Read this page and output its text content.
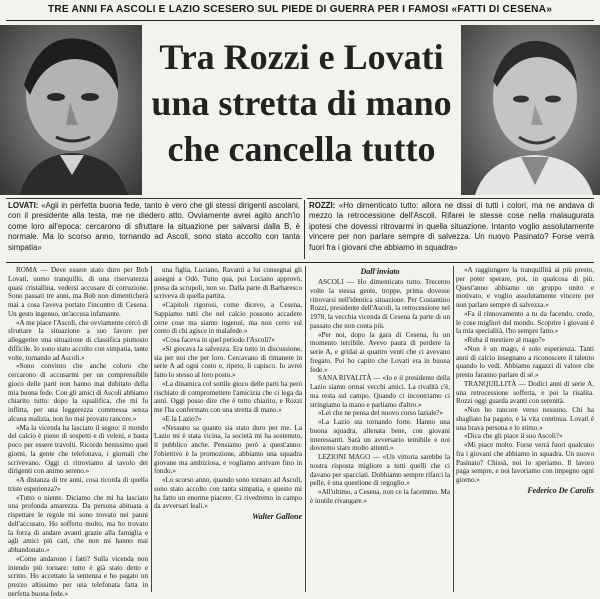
TRE ANNI FA ASCOLI E LAZIO SCESERO SUL PIEDE DI GUERRA PER I FAMOSI «FATTI DI CESENA»
Tra Rozzi e Lovati
una stretta di mano
che cancella tutto
LOVATI: «Agii in perfetta buona fede, tanto è vero che gli stessi dirigenti ascolani, con il presidente alla testa, me ne diedero atto. Ovviamente avrei agito anch'io come loro all'epoca: cercarono di sfruttare la situazione per salvarsi dalla B, è normale. Ma lo scorso anno, tornando ad Ascoli, sono stato accolto con tanta simpatia»
ROZZI: «Ho dimenticato tutto: allora ne dissi di tutti i colori, ma ne andava di mezzo la retrocessione dell'Ascoli. Rifarei le stesse cose nella malaugurata ipotesi che dovessi ritrovarmi in quella situazione. Intanto voglio assolutamente vincere per non parlare sempre di salvezza. Un nuovo Pasinato? Forse verrà fuori fra i giovani che abbiamo in squadra»

ROMA — Deve essere stato duro per Bob Lovati, uomo tranquillo, di una riservatezza quasi cristallina, vedersi accusare di corruzione. Sono passati tre anni, ma Bob non dimenticherà mai a cosa l'aveva portato l'incontro di Cesena. Un gesto ingenuo, un'accusa infamante.

«A me piace l'Ascoli, che ovviamente cercò di sfruttare la situazione a suo favore per alleggerire una situazione di classifica piuttosto difficile. Io sono stato accolto con simpatia, tante volte, tornando ad Ascoli.»

«Sono convinto che anche coloro che cercarono di accusarmi per un comprensibile gioco delle parti non hanno mai dubitato della mia buona fede. Con gli amici di Ascoli abbiamo chiarito tutto: dopo la squalifica, che mi fu inflitta, per una leggerezza commessa senza alcuna malizia, non ho mai provato rancore.»

«Ma la vicenda ha lasciato il segno: il mondo del calcio è pieno di sospetti e di veleni, e basta poco per essere travolti. Ricordo benissimo quei giorni, la gente che telefonava, i giornali che scrivevano. Oggi ci ritroviamo al tavolo dei dirigenti con animo sereno.»

«A distanza di tre anni, cosa ricorda di quella triste esperienza?»

«Tutto o niente. Diciamo che mi ha lasciato una profonda amarezza. Da persona abituata a rispettare le regole mi sono trovato nei panni dell'accusato. Ho sofferto molto, ma ho trovato la forza di andare avanti grazie alla famiglia e agli amici più cari, che non mi hanno mai abbandonato.»

«Come andarono i fatti? Sulla vicenda non intendo più tornare: tutto è già stato detto e scritto. Ho accettato la sentenza e ho pagato un prezzo altissimo per una telefonata fatta in perfetta buona fede.»

una figlia, Luciano, Ravanti a lui consegnai gli assegni a Odò. Tutto qua, poi Luciano approvò, presa da scrupoli, non so. Dalla parte di Barbaresco scriveva di quella partita.

«Capitoli rigorosi, come dicevo, a Cesena, Sappiamo tutti che nel calcio possono accadere certe cose ma siamo ingenui, ma non certo sul conto di chi agisce in malafede.»

«Cosa faceva in quel periodo l'Ascoli?»

«Si giocava la salvezza. Era tutto in discussione, sia per noi che per loro. Cercavano di rimanere in serie A ad ogni costo e, ripeto, li capisco. Io avrei fatto lo stesso al loro posto.»

«La dinamica col sottile gioco delle parti ha però rischiato di compromettere l'amicizia che ci lega da anni. Oggi posso dire che è tutto chiarito, e Rozzi me l'ha confermato con una stretta di mano.»

«E la Lazio?»

«Nessuno sa quanto sia stato duro per me. La Lazio mi è stata vicina, la società mi ha sostenuto, il pubblico anche. Pensiamo però a quest'anno: l'obiettivo è la promozione, abbiamo una squadra giovane ma ambiziosa, e vogliamo arrivare fino in fondo.»

«Lo scorso anno, quando sono tornato ad Ascoli, sono stato accolto con tanta simpatia, e questo mi ha fatto un enorme piacere. Ci rivedremo in campo da avversari leali.»

Walter Gallone
Dall'inviato

ASCOLI — Ho dimenticato tutto. Trecento volte la stessa gente, troppe, prima dovesse ritrovarsi nell'identica situazione. Per Costantino Rozzi, presidente dell'Ascoli, la retrocessione nel 1978, la vecchia vicenda di Cesena fa parte di un passato che non conta più.

«Per noi, dopo la gara di Cesena, fu un momento terribile. Avevo paura di perdere la serie A, e gridai ai quattro venti che ci avevano fregato. Poi ho capito che Lovati era in buona fede.»

SANA RIVALITÀ — «Io e il presidente della Lazio siamo ormai vecchi amici. La rivalità c'è, ma resta sul campo. Quando ci incontriamo ci stringiamo la mano e parliamo d'altro.»

«Lei che ne pensa del nuovo corso laziale?»

«La Lazio sta tornando forte. Hanno una buona squadra, allenata bene, con giovani interessanti. Sarà un avversario temibile e noi dovremo stare molto attenti.»

LEZIONI MAGO — «Un vittoria sarebbe la nostra risposta migliore a tutti quelli che ci davano per spacciati. Dobbiamo sempre rifarci la pelle, è una questione di orgoglio.»

«All'ultimo, a Cesena, non ce la facemmo. Ma è inutile rivangare.»

«A raggiungere la tranquillità ai più presto, per poter sperare, poi, in qualcosa di più. Quest'anno abbiamo un gruppo unito e motivato, e voglio assolutamente vincere per non parlare sempre di salvezza.»

«Fa il rinnovamento a tu da facendo, credo, le cose migliori del mondo. Scoprire i giovani è la mia specialità, l'ho sempre fatto.»

«Ruba il mestiere al mago?»

«Non è un mago, è solo esperienza. Tanti anni di calcio insegnano a riconoscere il talento quando lo vedi. Abbiamo ragazzi di valore che presto faranno parlare di sé.»

TRANQUILLITÀ — Dodici anni di serie A, una retrocessione sofferta, e poi la risalita. Rozzi oggi guarda avanti con serenità.

«Non ho rancore verso nessuno. Chi ha sbagliato ha pagato, e la vita continua. Lovati è una brava persona e lo stimo.»

«Dica che gli piace il suo Ascoli?»

«Mi piace molto. Forse verrà fuori qualcuno fra i giovani che abbiamo in squadra. Un nuovo Pasinato? Chissà, noi lo speriamo. Il lavoro paga sempre, e noi lavoriamo con impegno ogni giorno.»

Federico De Carolis
